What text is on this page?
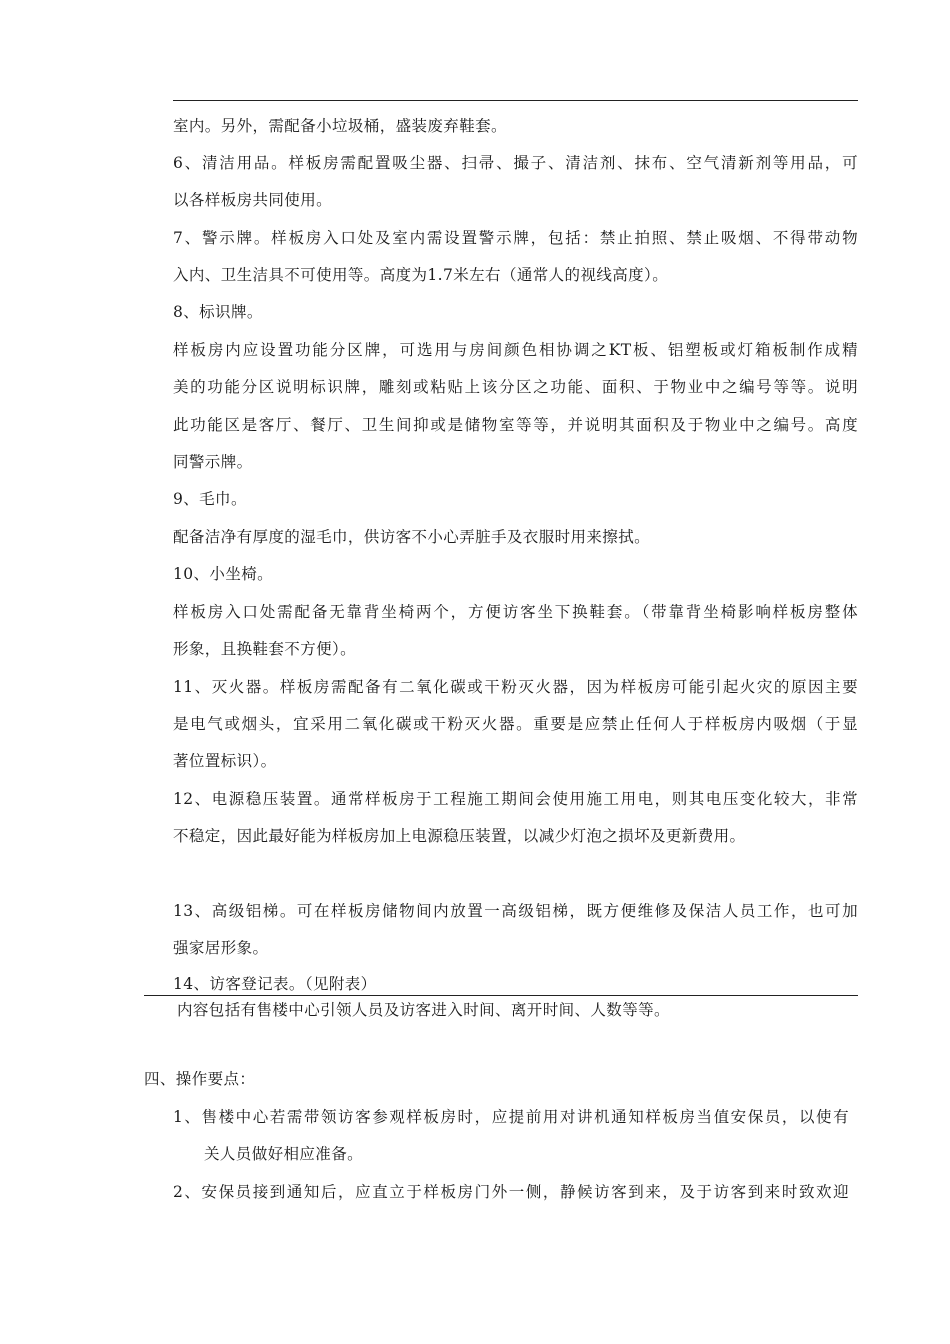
室内。另外，需配备小垃圾桶，盛装废弃鞋套。
6、清洁用品。样板房需配置吸尘器、扫帚、撮子、清洁剂、抹布、空气清新剂等用品，可
以各样板房共同使用。
7、警示牌。样板房入口处及室内需设置警示牌，包括：禁止拍照、禁止吸烟、不得带动物
入内、卫生洁具不可使用等。高度为1.7米左右（通常人的视线高度）。
8、标识牌。
样板房内应设置功能分区牌，可选用与房间颜色相协调之KT板、铝塑板或灯箱板制作成精
美的功能分区说明标识牌，雕刻或粘贴上该分区之功能、面积、于物业中之编号等等。说明
此功能区是客厅、餐厅、卫生间抑或是储物室等等，并说明其面积及于物业中之编号。高度
同警示牌。
9、毛巾。
配备洁净有厚度的湿毛巾，供访客不小心弄脏手及衣服时用来擦拭。
10、小坐椅。
样板房入口处需配备无靠背坐椅两个，方便访客坐下换鞋套。（带靠背坐椅影响样板房整体
形象，且换鞋套不方便）。
11、灭火器。样板房需配备有二氧化碳或干粉灭火器，因为样板房可能引起火灾的原因主要
是电气或烟头，宜采用二氧化碳或干粉灭火器。重要是应禁止任何人于样板房内吸烟（于显
著位置标识）。
12、电源稳压装置。通常样板房于工程施工期间会使用施工用电，则其电压变化较大，非常
不稳定，因此最好能为样板房加上电源稳压装置，以减少灯泡之损坏及更新费用。
13、高级铝梯。可在样板房储物间内放置一高级铝梯，既方便维修及保洁人员工作，也可加
强家居形象。
14、访客登记表。（见附表）
内容包括有售楼中心引领人员及访客进入时间、离开时间、人数等等。
四、操作要点：
1、售楼中心若需带领访客参观样板房时，应提前用对讲机通知样板房当值安保员，以使有
关人员做好相应准备。
2、安保员接到通知后，应直立于样板房门外一侧，静候访客到来，及于访客到来时致欢迎
